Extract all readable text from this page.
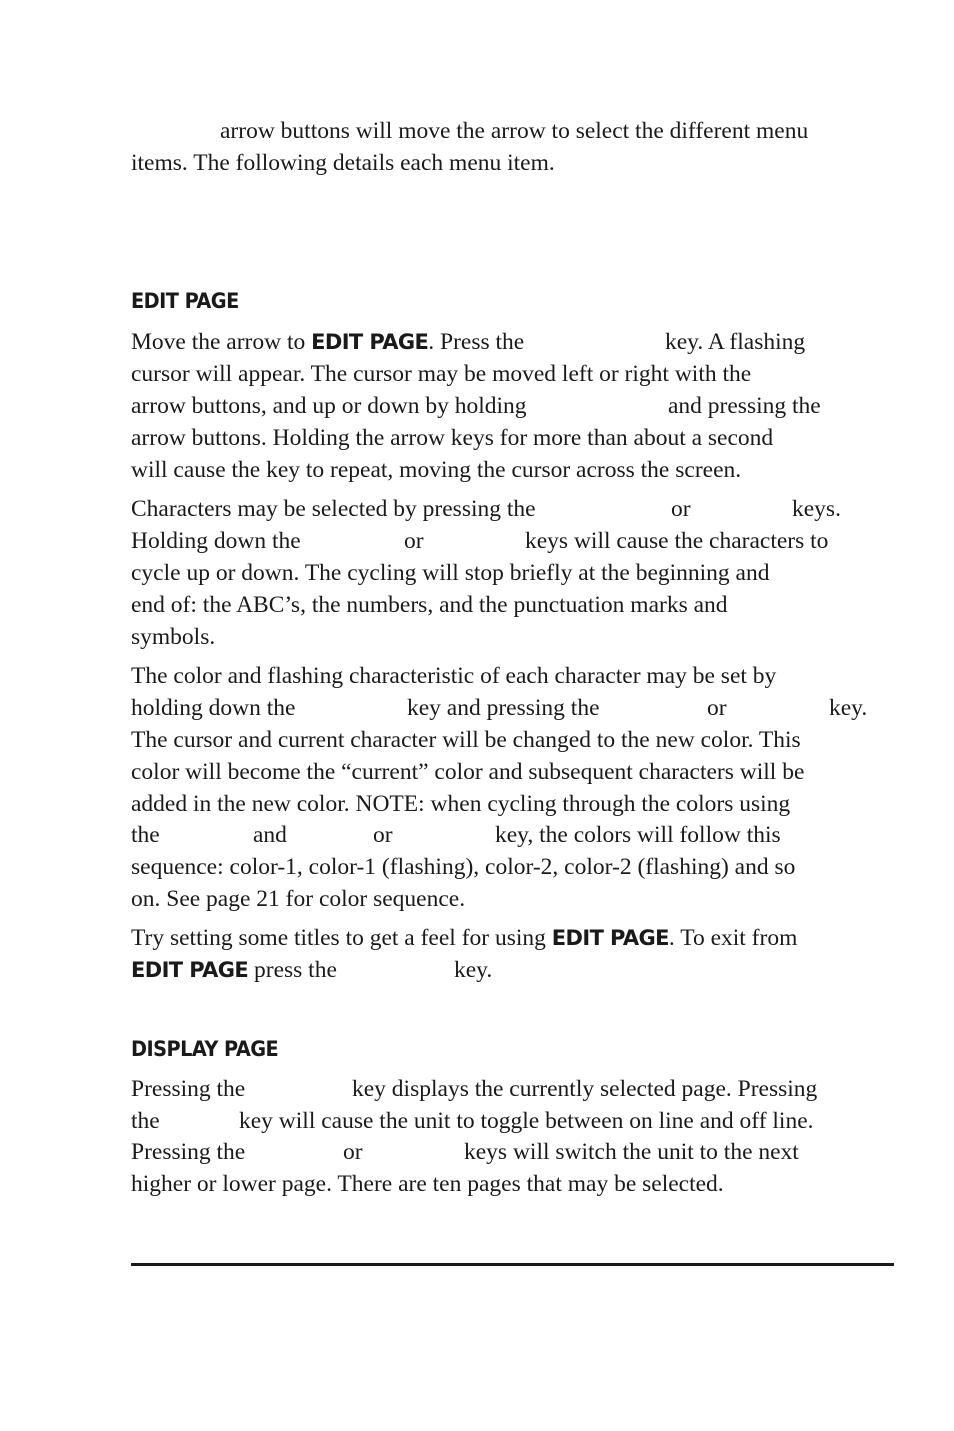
arrow buttons will move the arrow to select the different menu
items. The following details each menu item.
EDIT PAGE
Move the arrow to EDIT PAGE. Press the	key. A flashing
cursor will appear. The cursor may be moved left or right with the
arrow buttons, and up or down by holding	and pressing the
arrow buttons. Holding the arrow keys for more than about a second
will cause the key to repeat, moving the cursor across the screen.
Characters may be selected by pressing the	or	keys.
Holding down the	or	keys will cause the characters to
cycle up or down. The cycling will stop briefly at the beginning and
end of: the ABC’s, the numbers, and the punctuation marks and
symbols.
The color and flashing characteristic of each character may be set by
holding down the	key and pressing the	or	key.
The cursor and current character will be changed to the new color. This
color will become the “current” color and subsequent characters will be
added in the new color. NOTE: when cycling through the colors using
the	and	or	key, the colors will follow this
sequence: color-1, color-1 (flashing), color-2, color-2 (flashing) and so
on. See page 21 for color sequence.
Try setting some titles to get a feel for using EDIT PAGE. To exit from
EDIT PAGE press the	key.
DISPLAY PAGE
Pressing the	key displays the currently selected page. Pressing
the	key will cause the unit to toggle between on line and off line.
Pressing the	or	keys will switch the unit to the next
higher or lower page. There are ten pages that may be selected.
